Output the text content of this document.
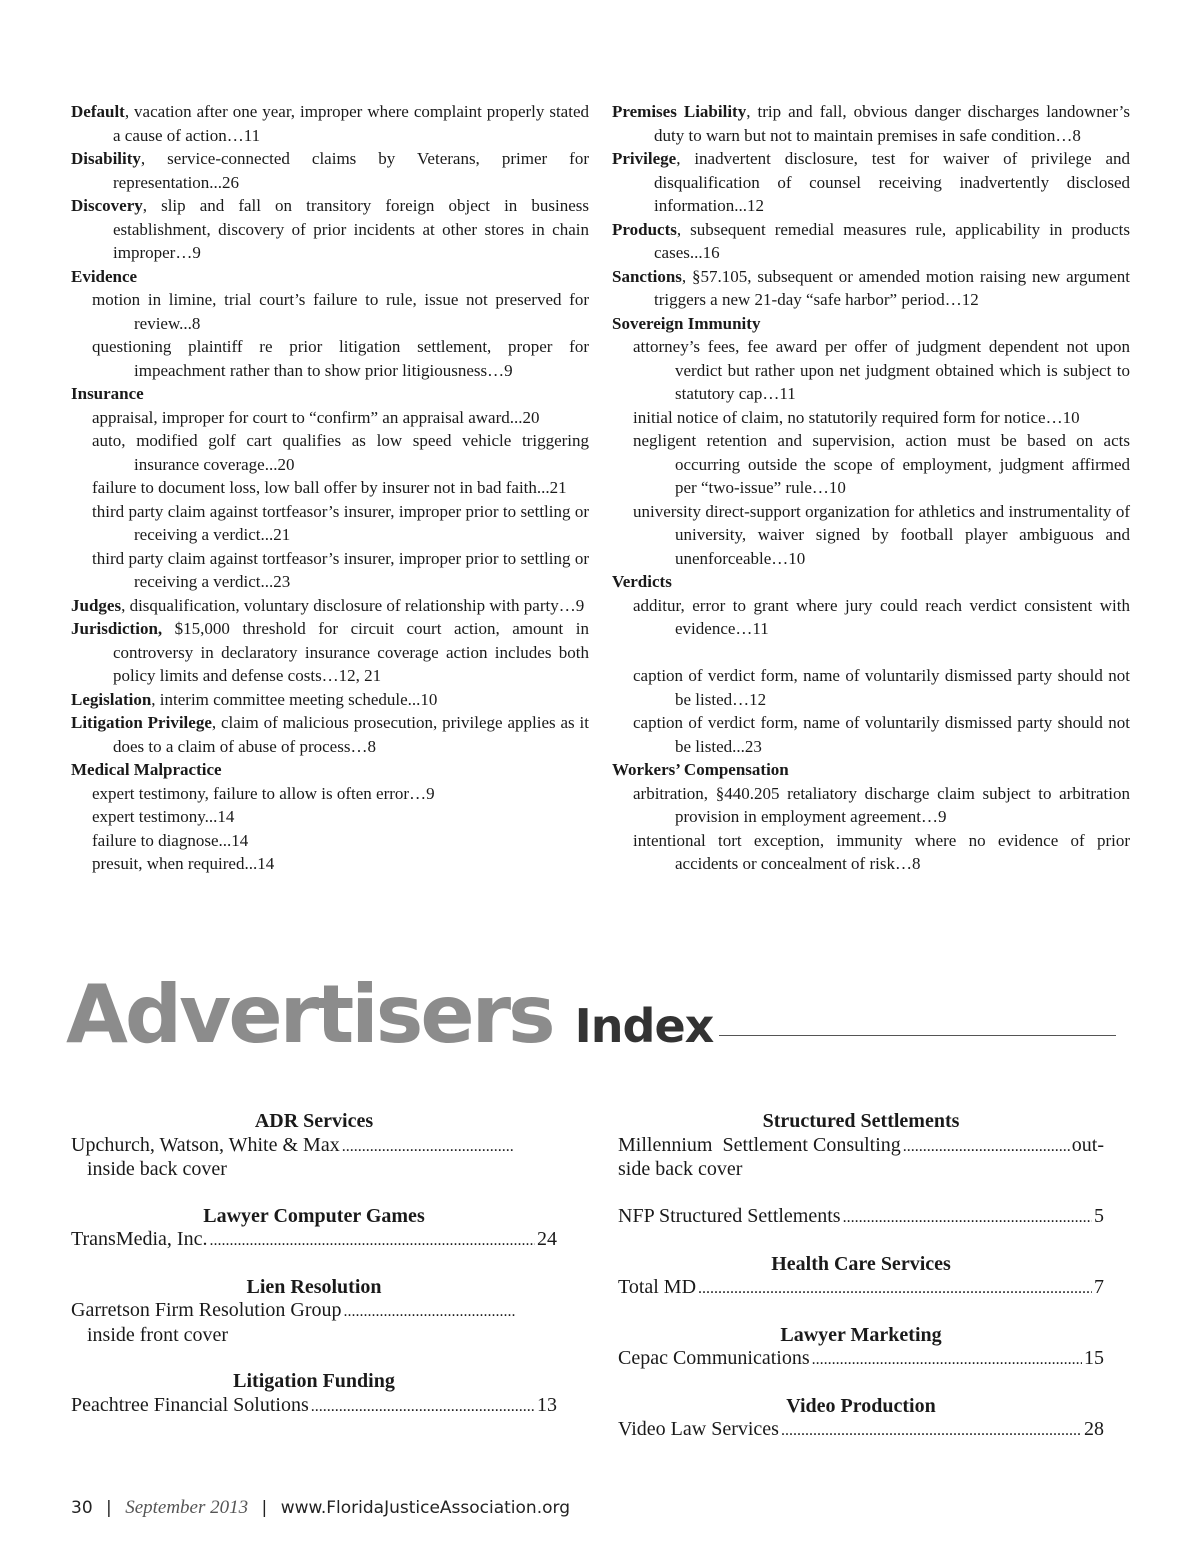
Default, vacation after one year, improper where complaint properly stated a cause of action…11

Disability, service-connected claims by Veterans, primer for representation...26

Discovery, slip and fall on transitory foreign object in business establishment, discovery of prior incidents at other stores in chain improper…9

Evidence

motion in limine, trial court’s failure to rule, issue not preserved for review...8

questioning plaintiff re prior litigation settlement, proper for impeachment rather than to show prior litigiousness…9

Insurance

appraisal, improper for court to “confirm” an appraisal award...20

auto, modified golf cart qualifies as low speed vehicle triggering insurance coverage...20

failure to document loss, low ball offer by insurer not in bad faith...21

third party claim against tortfeasor’s insurer, improper prior to settling or receiving a verdict...21

third party claim against tortfeasor’s insurer, improper prior to settling or receiving a verdict...23

Judges, disqualification, voluntary disclosure of relationship with party…9

Jurisdiction, $15,000 threshold for circuit court action, amount in controversy in declaratory insurance coverage action includes both policy limits and defense costs…12, 21

Legislation, interim committee meeting schedule...10

Litigation Privilege, claim of malicious prosecution, privilege applies as it does to a claim of abuse of process…8

Medical Malpractice

expert testimony, failure to allow is often error…9

expert testimony...14

failure to diagnose...14

presuit, when required...14

Premises Liability, trip and fall, obvious danger discharges landowner’s duty to warn but not to maintain premises in safe condition…8

Privilege, inadvertent disclosure, test for waiver of privilege and disqualification of counsel receiving inadvertently disclosed information...12

Products, subsequent remedial measures rule, applicability in products cases...16

Sanctions, §57.105, subsequent or amended motion raising new argument triggers a new 21-day “safe harbor” period…12

Sovereign Immunity

attorney’s fees, fee award per offer of judgment dependent not upon verdict but rather upon net judgment obtained which is subject to statutory cap…11

initial notice of claim, no statutorily required form for notice…10

negligent retention and supervision, action must be based on acts occurring outside the scope of employment, judgment affirmed per “two-issue” rule…10

university direct-support organization for athletics and instrumentality of university, waiver signed by football player ambiguous and unenforceable…10

Verdicts

additur, error to grant where jury could reach verdict consistent with evidence…11

caption of verdict form, name of voluntarily dismissed party should not be listed…12

caption of verdict form, name of voluntarily dismissed party should not be listed...23

Workers’ Compensation

arbitration, §440.205 retaliatory discharge claim subject to arbitration provision in employment agreement…9

intentional tort exception, immunity where no evidence of prior accidents or concealment of risk…8

Advertisers Index

ADR Services

Upchurch, Watson, White & Max
. . .
inside back cover

Lawyer Computer Games

TransMedia, Inc. . . .	24

Lien Resolution

Garretson Firm Resolution Group
. . .
inside front cover

Litigation Funding

Peachtree Financial Solutions . . .	13

Structured Settlements

Millennium  Settlement Consulting . . .	out-
side back cover
NFP Structured Settlements . . .	5

Health Care Services

Total MD . . .	7

Lawyer Marketing

Cepac Communications . . .	15

Video Production

Video Law Services . . .	28
30 | September 2013 | www.FloridaJusticeAssociation.org
